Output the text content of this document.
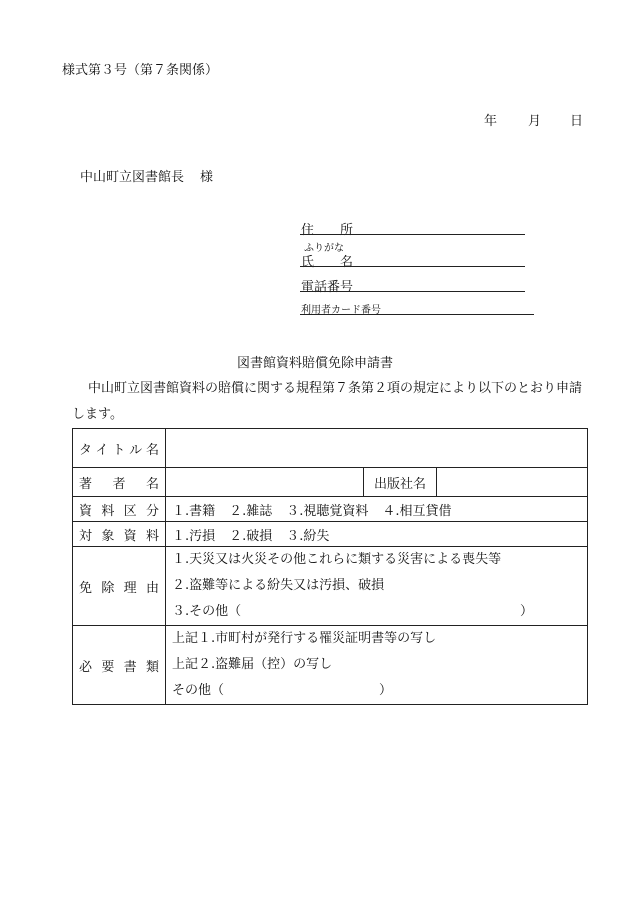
様式第３号（第７条関係）
年 月 日
中山町立図書館長 様
住　　所
ふりがな
氏　　名
電話番号
利用者カード番号
図書館資料賠償免除申請書
中山町立図書館資料の賠償に関する規程第７条第２項の規定により以下のとおり申請します。
タイトル名			
著　者　名		出版社名	
資料区分	１.書籍 ２.雑誌 ３.視聴覚資料 ４.相互貸借		
対象資料	１.汚損 ２.破損 ３.紛失		
免除理由	１.天災又は火災その他これらに類する災害による喪失等
２.盗難等による紛失又は汚損、破損
３.その他（ ）		

必要書類	上記１.市町村が発行する罹災証明書等の写し
上記２.盗難届（控）の写し
その他（ ）		
